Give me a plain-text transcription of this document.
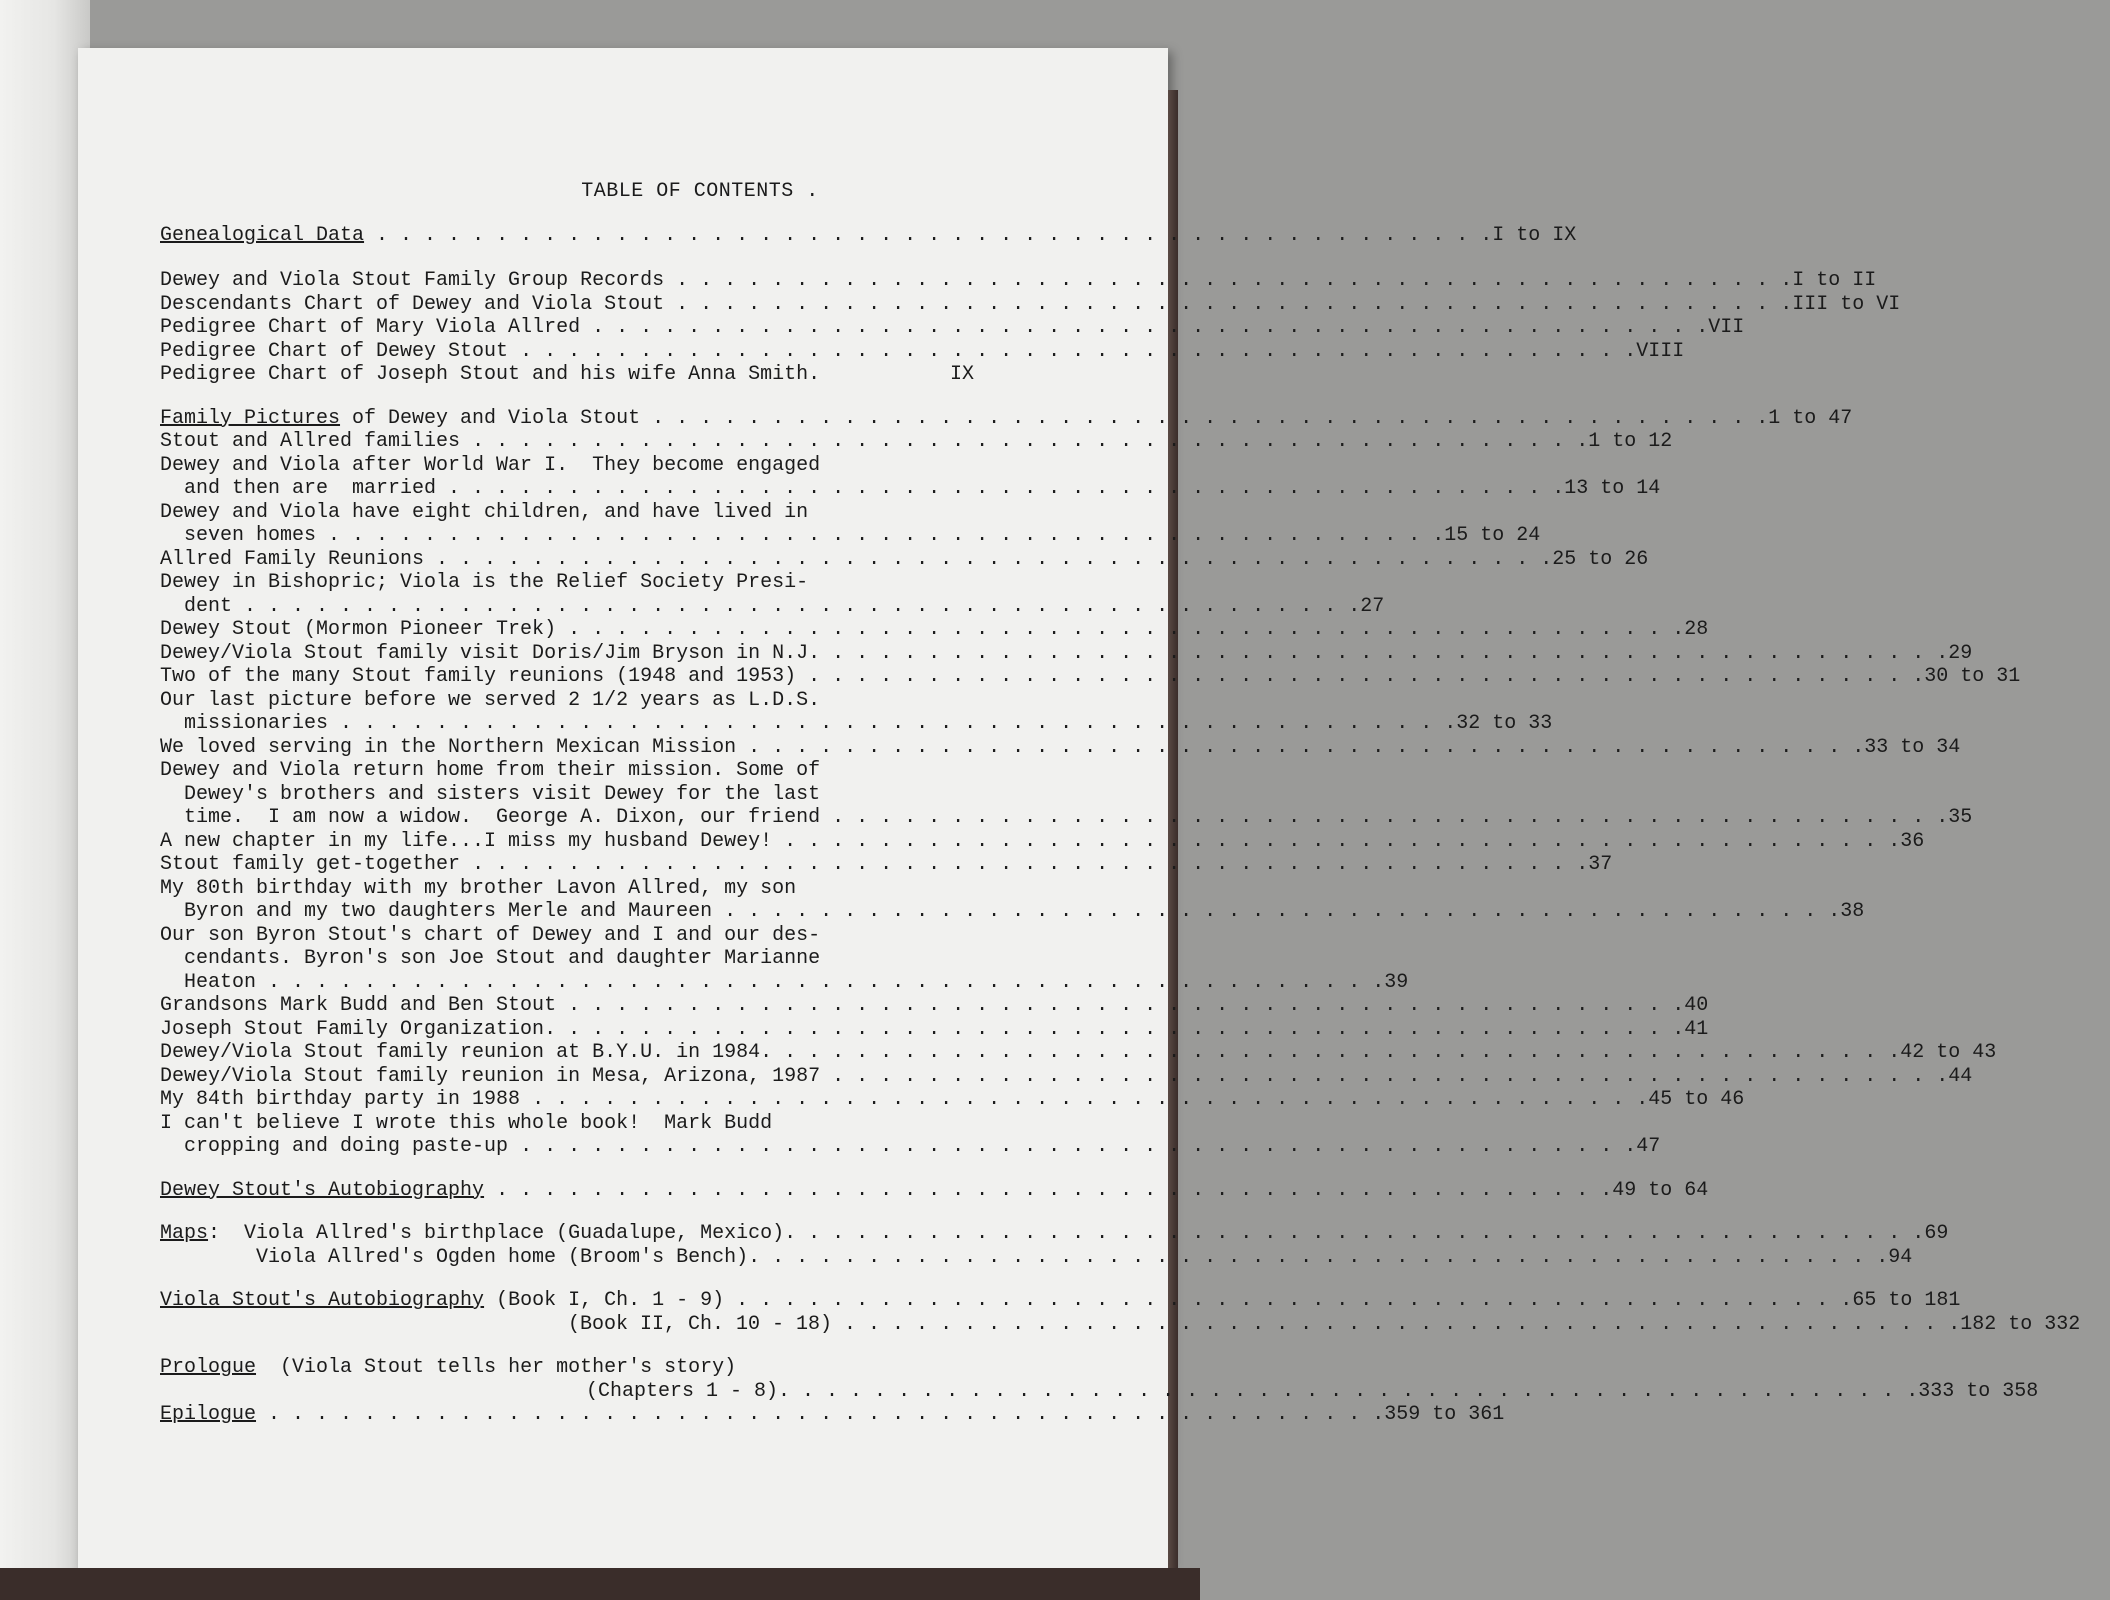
TABLE OF CONTENTS .
Genealogical Data . . .	I to IX
Dewey and Viola Stout Family Group Records . . .	I to II
Descendants Chart of Dewey and Viola Stout . . .	III to VI
Pedigree Chart of Mary Viola Allred . . .	VII
Pedigree Chart of Dewey Stout . . .	VIII
Pedigree Chart of Joseph Stout and his wife Anna Smith.	IX
Family Pictures of Dewey and Viola Stout . . .	1 to 47
Stout and Allred families . . .	1 to 12
Dewey and Viola after World War I.  They become engaged
and then are  married . . .	13 to 14
Dewey and Viola have eight children, and have lived in
seven homes . . .	15 to 24
Allred Family Reunions . . .	25 to 26
Dewey in Bishopric; Viola is the Relief Society Presi-
dent . . .	27
Dewey Stout (Mormon Pioneer Trek) . . .	28
Dewey/Viola Stout family visit Doris/Jim Bryson in N.J. . . .	29
Two of the many Stout family reunions (1948 and 1953) . . .	30 to 31
Our last picture before we served 2 1/2 years as L.D.S.
missionaries . . .	32 to 33
We loved serving in the Northern Mexican Mission . . .	33 to 34
Dewey and Viola return home from their mission. Some of
Dewey's brothers and sisters visit Dewey for the last
time.  I am now a widow.  George A. Dixon, our friend . . .	35
A new chapter in my life...I miss my husband Dewey! . . .	36
Stout family get-together . . .	37
My 80th birthday with my brother Lavon Allred, my son
Byron and my two daughters Merle and Maureen . . .	38
Our son Byron Stout's chart of Dewey and I and our des-
cendants. Byron's son Joe Stout and daughter Marianne
Heaton . . .	39
Grandsons Mark Budd and Ben Stout . . .	40
Joseph Stout Family Organization. . . .	41
Dewey/Viola Stout family reunion at B.Y.U. in 1984. . . .	42 to 43
Dewey/Viola Stout family reunion in Mesa, Arizona, 1987 . . .	44
My 84th birthday party in 1988 . . .	45 to 46
I can't believe I wrote this whole book!  Mark Budd
cropping and doing paste-up . . .	47
Dewey Stout's Autobiography . . .	49 to 64
Maps:  Viola Allred's birthplace (Guadalupe, Mexico). . . .	69
Viola Allred's Ogden home (Broom's Bench). . . .	94
Viola Stout's Autobiography (Book I, Ch. 1 - 9) . . .	65 to 181
(Book II, Ch. 10 - 18) . . .	182 to 332
Prologue (Viola Stout tells her mother's story)
(Chapters 1 - 8). . . .	333 to 358
Epilogue . . .	359 to 361
